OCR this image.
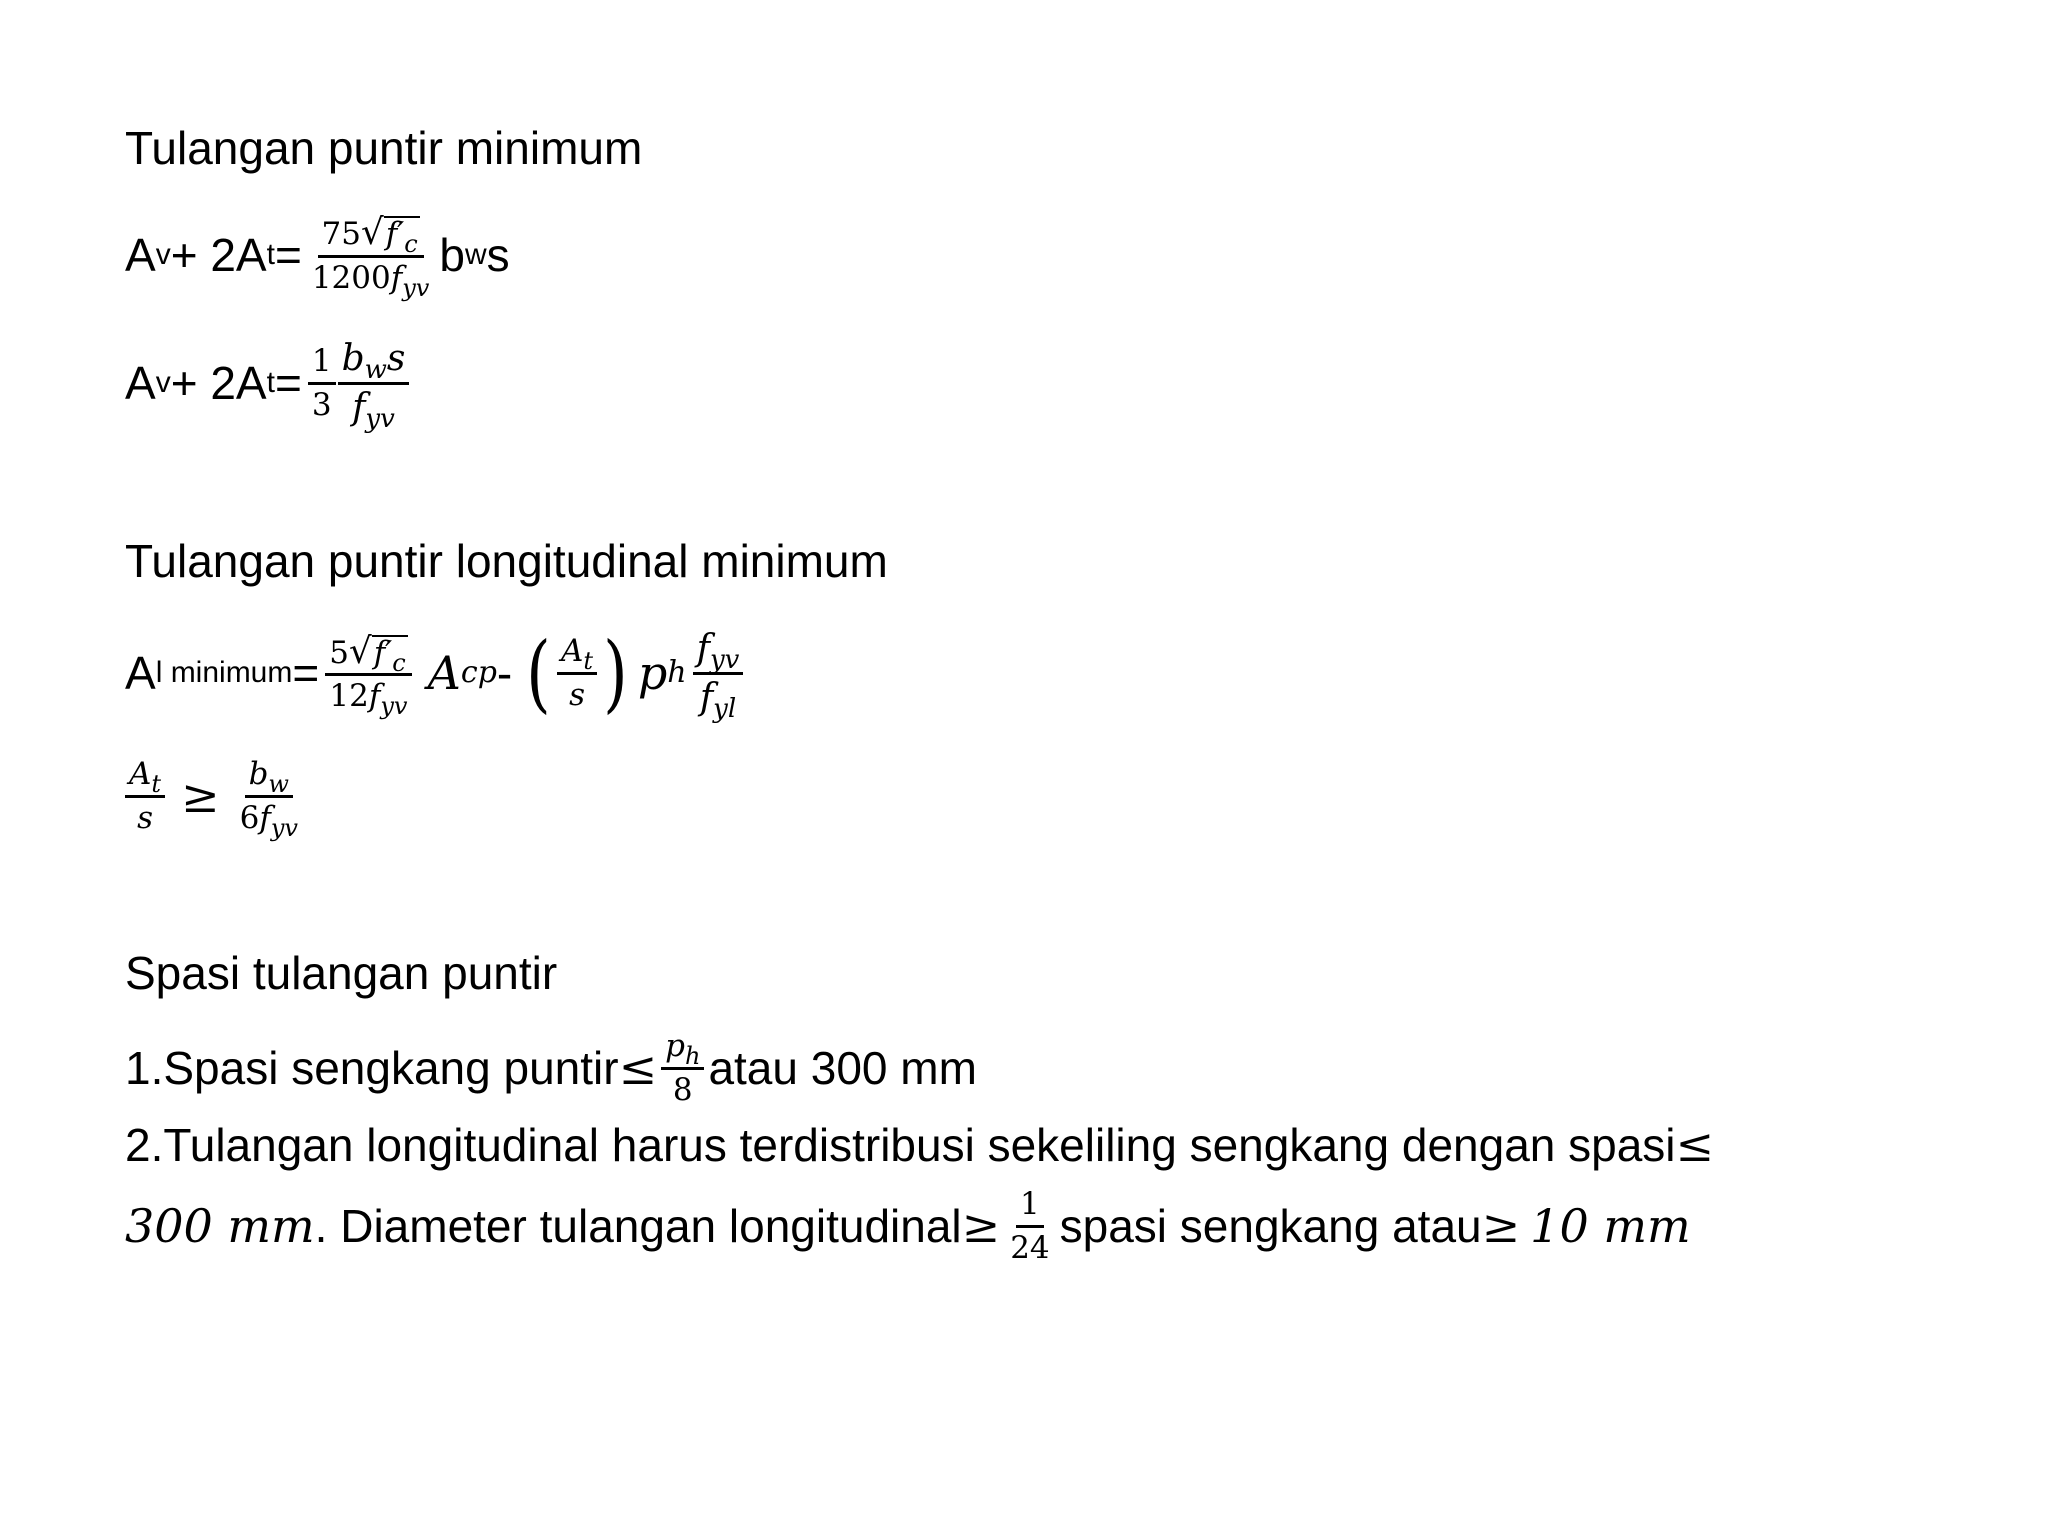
Tulangan puntir minimum
A v + 2A $t = \frac{75 √ f'_c}{1200f_{yv}}$ b w s
A v + 2A $t = \frac{1}{3} \frac{b_ws}{f_{yv}}$
Tulangan puntir longitudinal minimum
A l minimum = $\frac{5 √ f'_c}{12f_{yv}}$ A cp - ( $\frac{A_t}{s}$ ) p h $\frac{f_{yv}}{f_{yl}}$
$\frac{A_t}{s} \ge \frac{b_w}{6f_{yv}}$
Spasi tulangan puntir
1.Spasi sengkang puntir ≤ $\frac{p_h}{8}$ atau 300 mm
2.Tulangan longitudinal harus terdistribusi sekeliling sengkang dengan spasi ≤
300 mm . Diameter tulangan longitudinal ≥ $\frac{1}{24}$ spasi sengkang atau ≥ 10 mm
